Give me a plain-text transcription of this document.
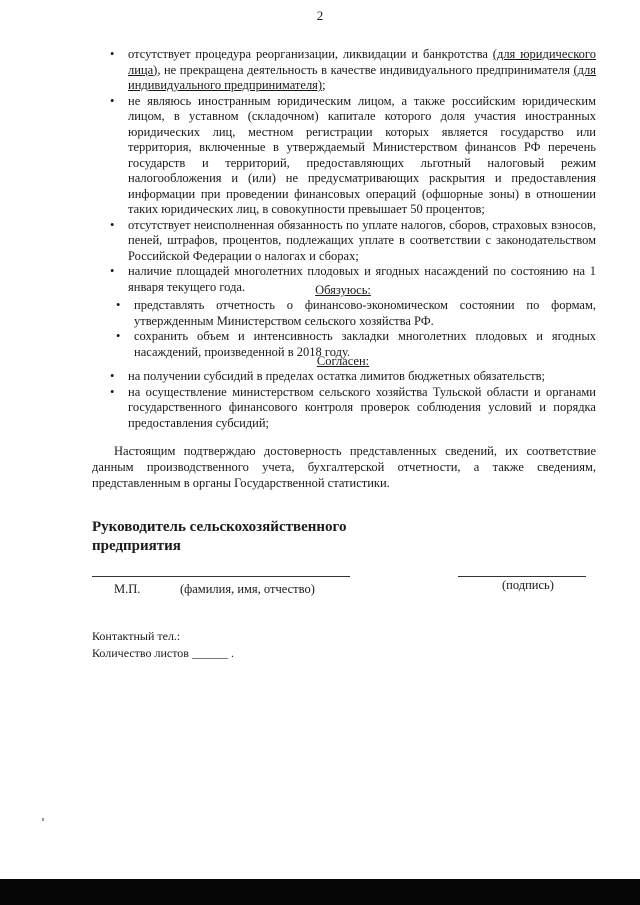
2
• отсутствует процедура реорганизации, ликвидации и банкротства (для юридического лица), не прекращена деятельность в качестве индивидуального предпринимателя (для индивидуального предпринимателя);
• не являюсь иностранным юридическим лицом, а также российским юридическим лицом, в уставном (складочном) капитале которого доля участия иностранных юридических лиц, местном регистрации которых является государство или территория, включенные в утверждаемый Министерством финансов РФ перечень государств и территорий, предоставляющих льготный налоговый режим налогообложения и (или) не предусматривающих раскрытия и предоставления информации при проведении финансовых операций (офшорные зоны) в отношении таких юридических лиц, в совокупности превышает 50 процентов;
• отсутствует неисполненная обязанность по уплате налогов, сборов, страховых взносов, пеней, штрафов, процентов, подлежащих уплате в соответствии с законодательством Российской Федерации о налогах и сборах;
• наличие площадей многолетних плодовых и ягодных насаждений по состоянию на 1 января текущего года.	Обязуюсь:
• представлять отчетность о финансово-экономическом состоянии по формам, утвержденным Министерством сельского хозяйства РФ.
• сохранить объем и интенсивность закладки многолетних плодовых и ягодных насаждений, произведенной в 2018 году.
Согласен:
• на получении субсидий в пределах остатка лимитов бюджетных обязательств;
• на осуществление министерством сельского хозяйства Тульской области и органами государственного финансового контроля проверок соблюдения условий и порядка предоставления субсидий;
Настоящим подтверждаю достоверность представленных сведений, их соответствие данным производственного учета, бухгалтерской отчетности, а также сведениям, представленным в органы Государственной статистики.
Руководитель сельскохозяйственного
предприятия
М.П.	(фамилия, имя, отчество)	(подпись)
Контактный тел.:
Количество листов ______ .
